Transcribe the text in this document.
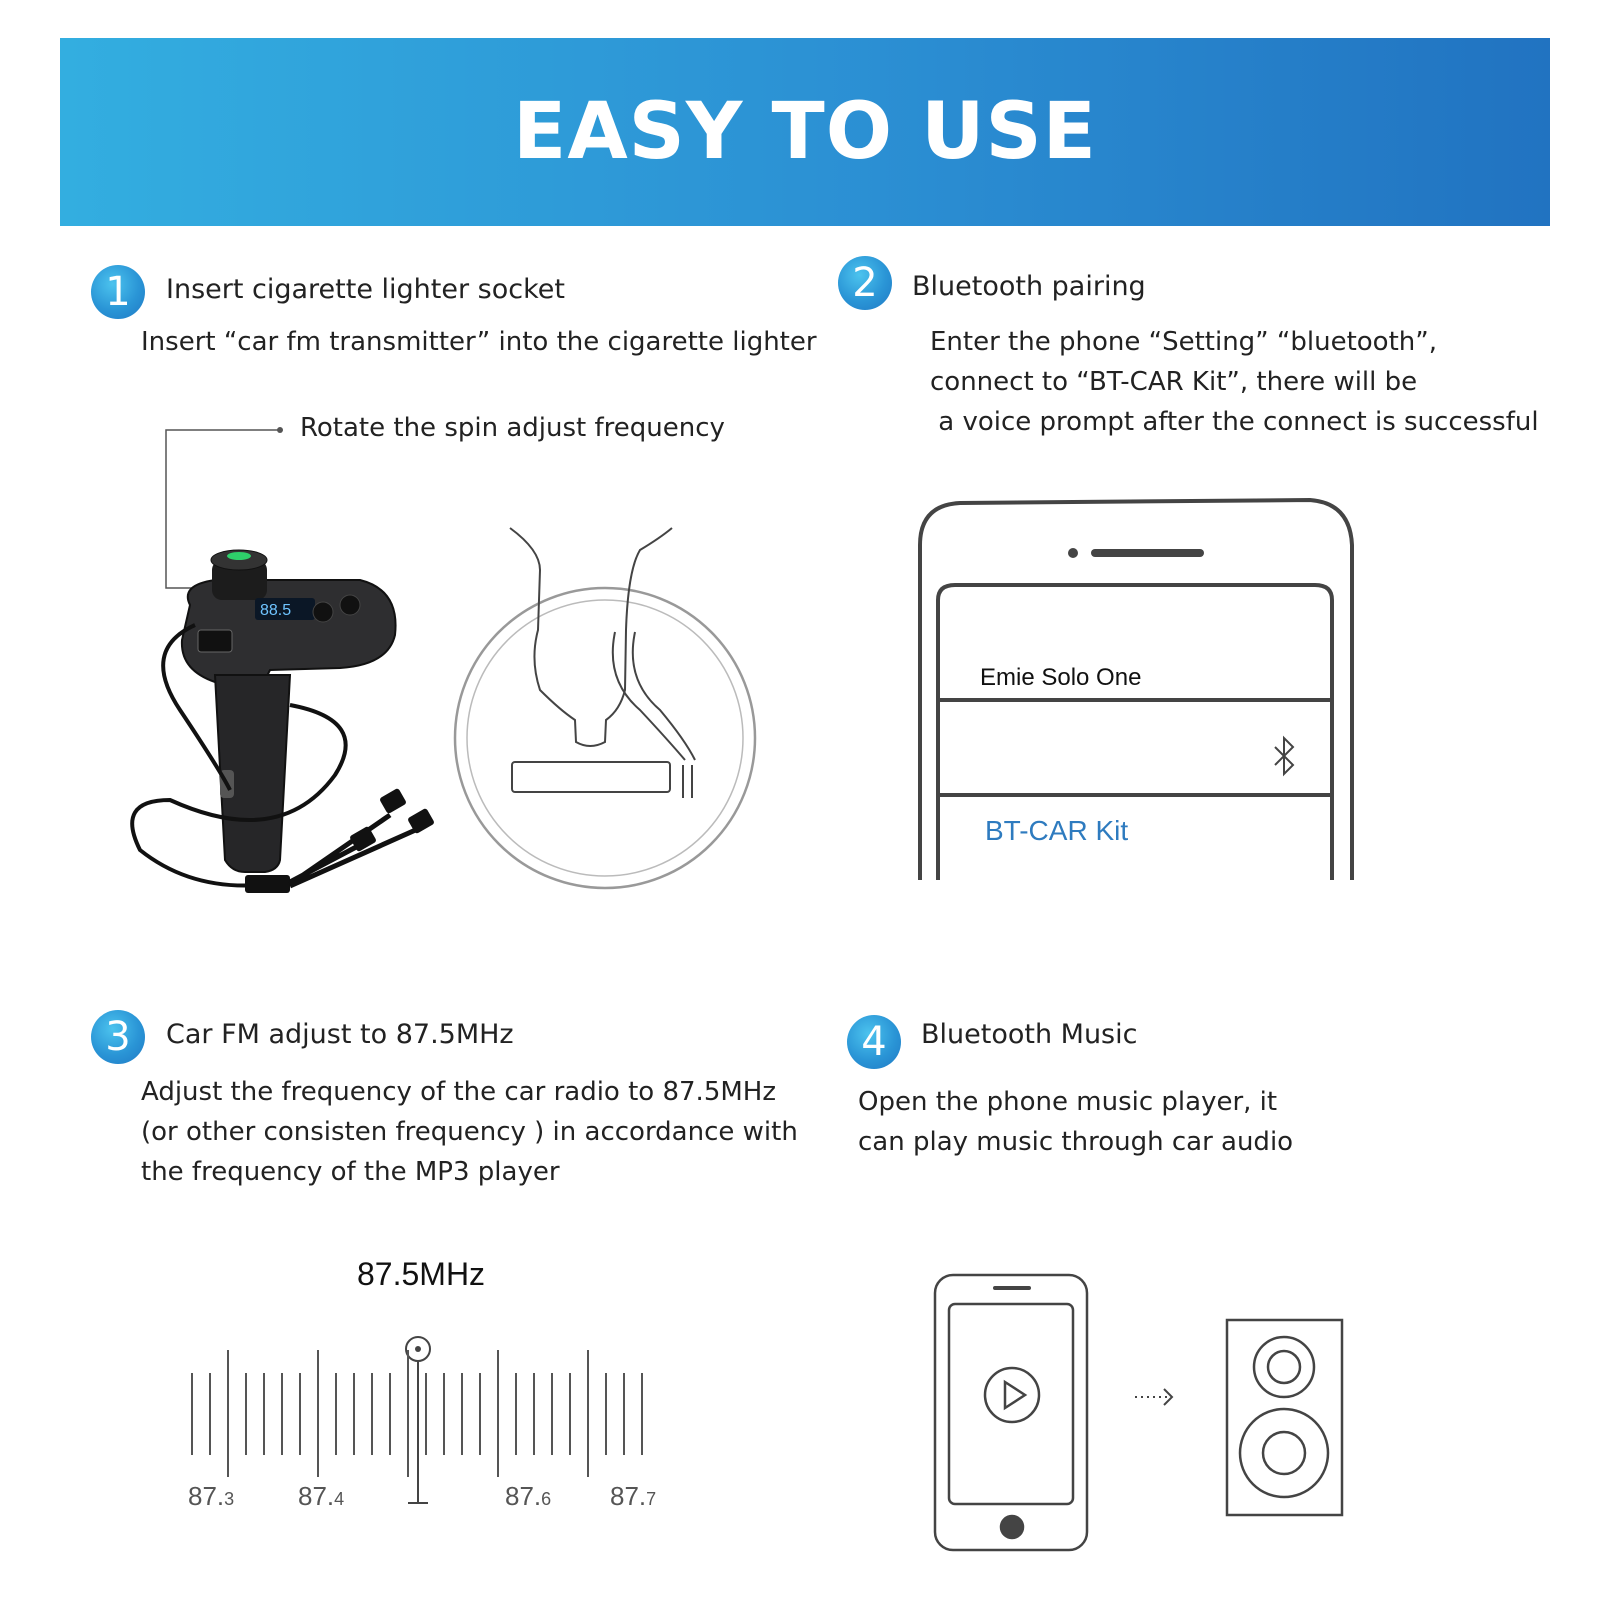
EASY TO USE
1	Insert cigarette lighter socket
Insert “car fm transmitter” into the cigarette lighter
Rotate the spin adjust frequency
88.5
2	Bluetooth pairing
Enter the phone “Setting” “bluetooth”,
connect to “BT-CAR Kit”, there will be
a voice prompt after the connect is successful
Emie Solo One
BT-CAR Kit
3	Car FM adjust to 87.5MHz
Adjust the frequency of the car radio to 87.5MHz
(or other consisten frequency ) in accordance with
the frequency of the MP3 player
87.5MHz
87.3 87.4	87.6 87.7
4	Bluetooth Music
Open the phone music player, it
can play music through car audio
